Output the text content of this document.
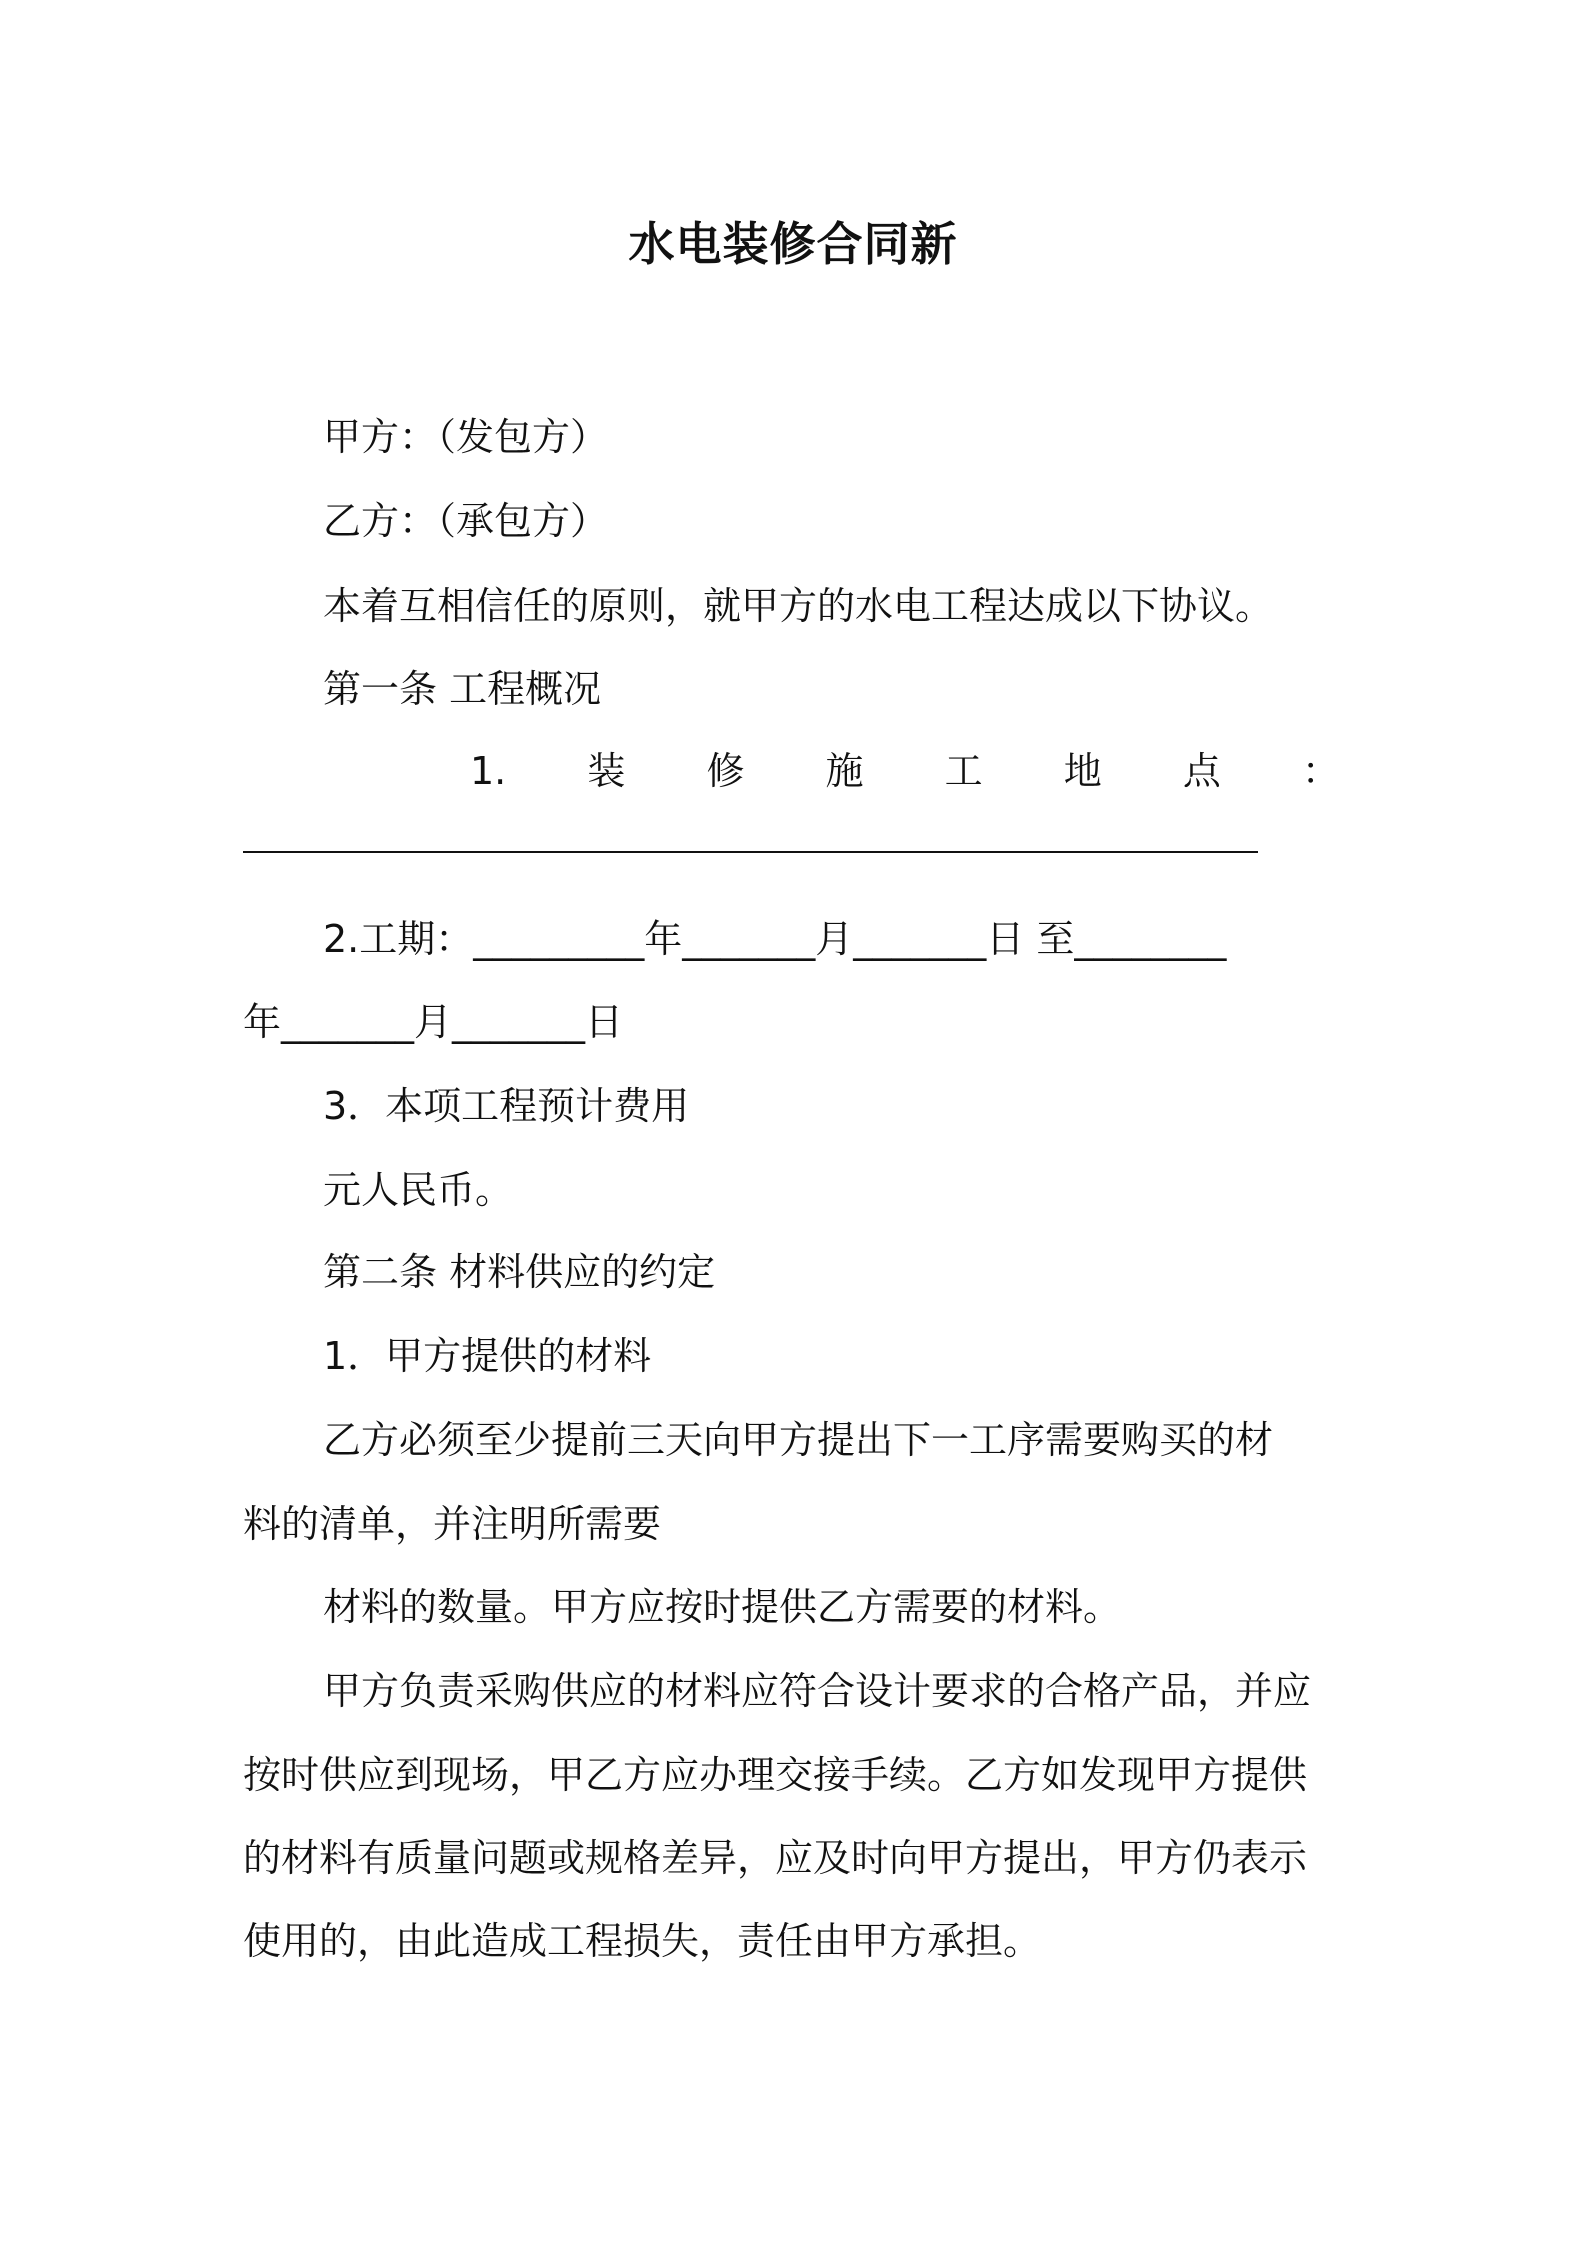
水电装修合同新

甲方：（发包方）

乙方：（承包方）

本着互相信任的原则，就甲方的水电工程达成以下协议。

第一条 工程概况

1. 装 修 施 工 地 点 ：

2.工期：_________年_______月_______日 至________

年_______月_______日

3．本项工程预计费用

元人民币。

第二条 材料供应的约定

1．甲方提供的材料

乙方必须至少提前三天向甲方提出下一工序需要购买的材

料的清单，并注明所需要

材料的数量。甲方应按时提供乙方需要的材料。

甲方负责采购供应的材料应符合设计要求的合格产品，并应

按时供应到现场，甲乙方应办理交接手续。乙方如发现甲方提供

的材料有质量问题或规格差异，应及时向甲方提出，甲方仍表示

使用的，由此造成工程损失，责任由甲方承担。
